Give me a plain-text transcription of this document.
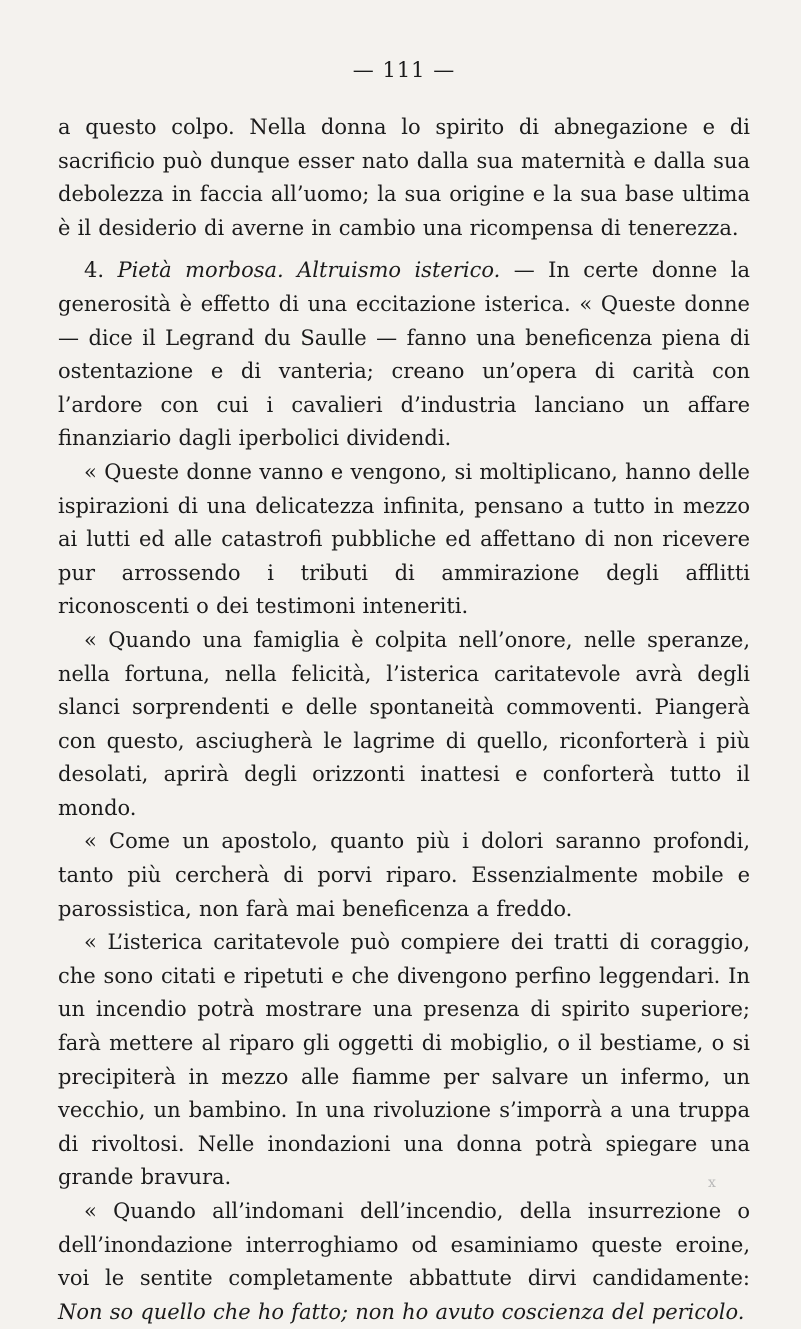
— 111 —

a questo colpo. Nella donna lo spirito di abnegazione e di sacrificio può dunque esser nato dalla sua maternità e dalla sua debolezza in faccia all’uomo; la sua origine e la sua base ultima è il desiderio di averne in cambio una ricompensa di tenerezza.

4. Pietà morbosa. Altruismo isterico. — In certe donne la generosità è effetto di una eccitazione isterica. « Queste donne — dice il Legrand du Saulle — fanno una beneficenza piena di ostentazione e di vanteria; creano un’opera di carità con l’ardore con cui i cavalieri d’industria lanciano un affare finanziario dagli iperbolici dividendi.

« Queste donne vanno e vengono, si moltiplicano, hanno delle ispirazioni di una delicatezza infinita, pensano a tutto in mezzo ai lutti ed alle catastrofi pubbliche ed affettano di non ricevere pur arrossendo i tributi di ammirazione degli afflitti riconoscenti o dei testimoni inteneriti.

« Quando una famiglia è colpita nell’onore, nelle speranze, nella fortuna, nella felicità, l’isterica caritatevole avrà degli slanci sorprendenti e delle spontaneità commoventi. Piangerà con questo, asciugherà le lagrime di quello, riconforterà i più desolati, aprirà degli orizzonti inattesi e conforterà tutto il mondo.

« Come un apostolo, quanto più i dolori saranno profondi, tanto più cercherà di porvi riparo. Essenzialmente mobile e parossistica, non farà mai beneficenza a freddo.

« L’isterica caritatevole può compiere dei tratti di coraggio, che sono citati e ripetuti e che divengono perfino leggendari. In un incendio potrà mostrare una presenza di spirito superiore; farà mettere al riparo gli oggetti di mobiglio, o il bestiame, o si precipiterà in mezzo alle fiamme per salvare un infermo, un vecchio, un bambino. In una rivoluzione s’imporrà a una truppa di rivoltosi. Nelle inondazioni una donna potrà spiegare una grande bravura.

« Quando all’indomani dell’incendio, della insurrezione o dell’inondazione interroghiamo od esaminiamo queste eroine, voi le sentite completamente abbattute dirvi candidamente: Non so quello che ho fatto; non ho avuto coscienza del pericolo.

ⅹ
